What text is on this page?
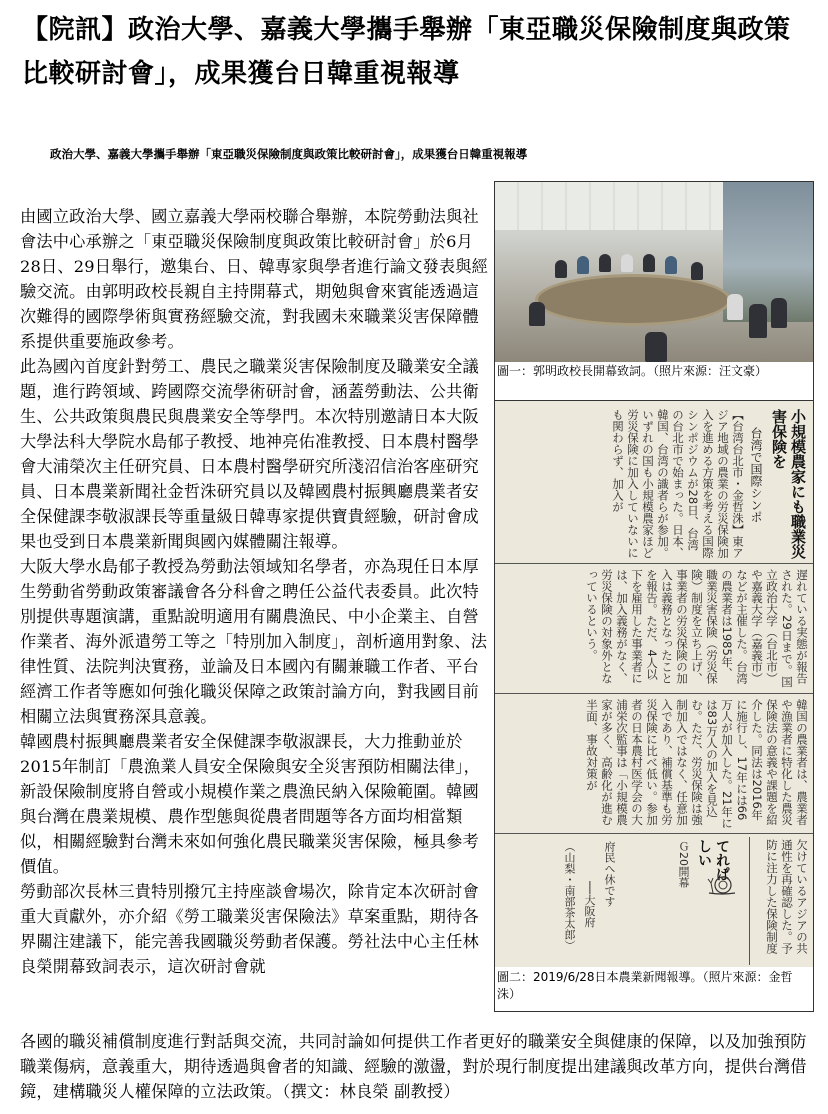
【院訊】政治大學、嘉義大學攜手舉辦「東亞職災保險制度與政策比較研討會」，成果獲台日韓重視報導
政治大學、嘉義大學攜手舉辦「東亞職災保險制度與政策比較研討會」，成果獲台日韓重視報導

由國立政治大學、國立嘉義大學兩校聯合舉辦，本院勞動法與社會法中心承辦之「東亞職災保險制度與政策比較研討會」於6月28日、29日舉行，邀集台、日、韓專家與學者進行論文發表與經驗交流。由郭明政校長親自主持開幕式，期勉與會來賓能透過這次難得的國際學術與實務經驗交流，對我國未來職業災害保障體系提供重要施政參考。

此為國內首度針對勞工、農民之職業災害保險制度及職業安全議題，進行跨領域、跨國際交流學術研討會，涵蓋勞動法、公共衛生、公共政策與農民與農業安全等學門。本次特別邀請日本大阪大學法科大學院水島郁子教授、地神亮佑准教授、日本農村醫學會大浦榮次主任研究員、日本農村醫學研究所淺沼信治客座研究員、日本農業新聞社金哲洙研究員以及韓國農村振興廳農業者安全保健課李敬淑課長等重量級日韓專家提供寶貴經驗，研討會成果也受到日本農業新聞與國內媒體關注報導。

大阪大學水島郁子教授為勞動法領域知名學者，亦為現任日本厚生勞動省勞動政策審議會各分科會之聘任公益代表委員。此次特別提供專題演講，重點說明適用有關農漁民、中小企業主、自營作業者、海外派遣勞工等之「特別加入制度」，剖析適用對象、法律性質、法院判決實務，並論及日本國內有關兼職工作者、平台經濟工作者等應如何強化職災保障之政策討論方向，對我國目前相關立法與實務深具意義。

韓國農村振興廳農業者安全保健課李敬淑課長，大力推動並於2015年制訂「農漁業人員安全保險與安全災害預防相關法律」，新設保險制度將自營或小規模作業之農漁民納入保險範圍。韓國與台灣在農業規模、農作型態與從農者問題等各方面均相當類似，相關經驗對台灣未來如何強化農民職業災害保險，極具參考價值。

勞動部次長林三貴特別撥冗主持座談會場次，除肯定本次研討會重大貢獻外，亦介紹《勞工職業災害保險法》草案重點，期待各界關注建議下，能完善我國職災勞動者保護。勞社法中心主任林良榮開幕致詞表示，這次研討會就

各國的職災補償制度進行對話與交流，共同討論如何提供工作者更好的職業安全與健康的保障，以及加強預防職業傷病，意義重大，期待透過與會者的知識、經驗的激盪，對於現行制度提出建議與改革方向，提供台灣借鏡，建構職災人權保障的立法政策。（撰文：林良榮 副教授）

圖一：郭明政校長開幕致詞。（照片來源：汪文豪）
小規模農家にも職業災害保険を
台湾で国際シンポ
【台湾台北市・金哲洙】東アジア地域の農業の労災保険加入を進める方策を考える国際シンポジウムが28日、台湾の台北市で始まった。日本、韓国、台湾の識者らが参加。いずれの国も小規模農家ほど労災保険に加入していないにも関わらず、加入が
遅れている実態が報告された。29日まで。国立政治大学（台北市）や嘉義大学（嘉義市）などが主催した。台湾の農業者は1985年、職業災害保険（労災保険）制度を立ち上げ、事業者の労災保険の加入は義務となったことを報告。ただ、4人以下を雇用した事業者には、加入義務がなく、労災保険の対象外となっているという。
韓国の農業者は、農業者や漁業者に特化した農災保険法の意義や課題を紹介した。同法は2016年に施行し、17年には66万人が加入した。21年には83万人の加入を見込む。ただ、労災保険は強制加入ではなく、任意加入であり、補償基準も労災保険に比べ低い。参加者の日本農村医学会の大浦栄次監事は「小規模農家が多く、高齢化が進む半面、事故対策が
欠けているアジアの共通性を再確認した。予防に注力した保険制度
てれぱしい
Ｇ20開幕
府民へ休です
──大阪府
（山梨・南部茶太郎）
圖二：2019/6/28日本農業新聞報導。（照片來源：金哲洙）
